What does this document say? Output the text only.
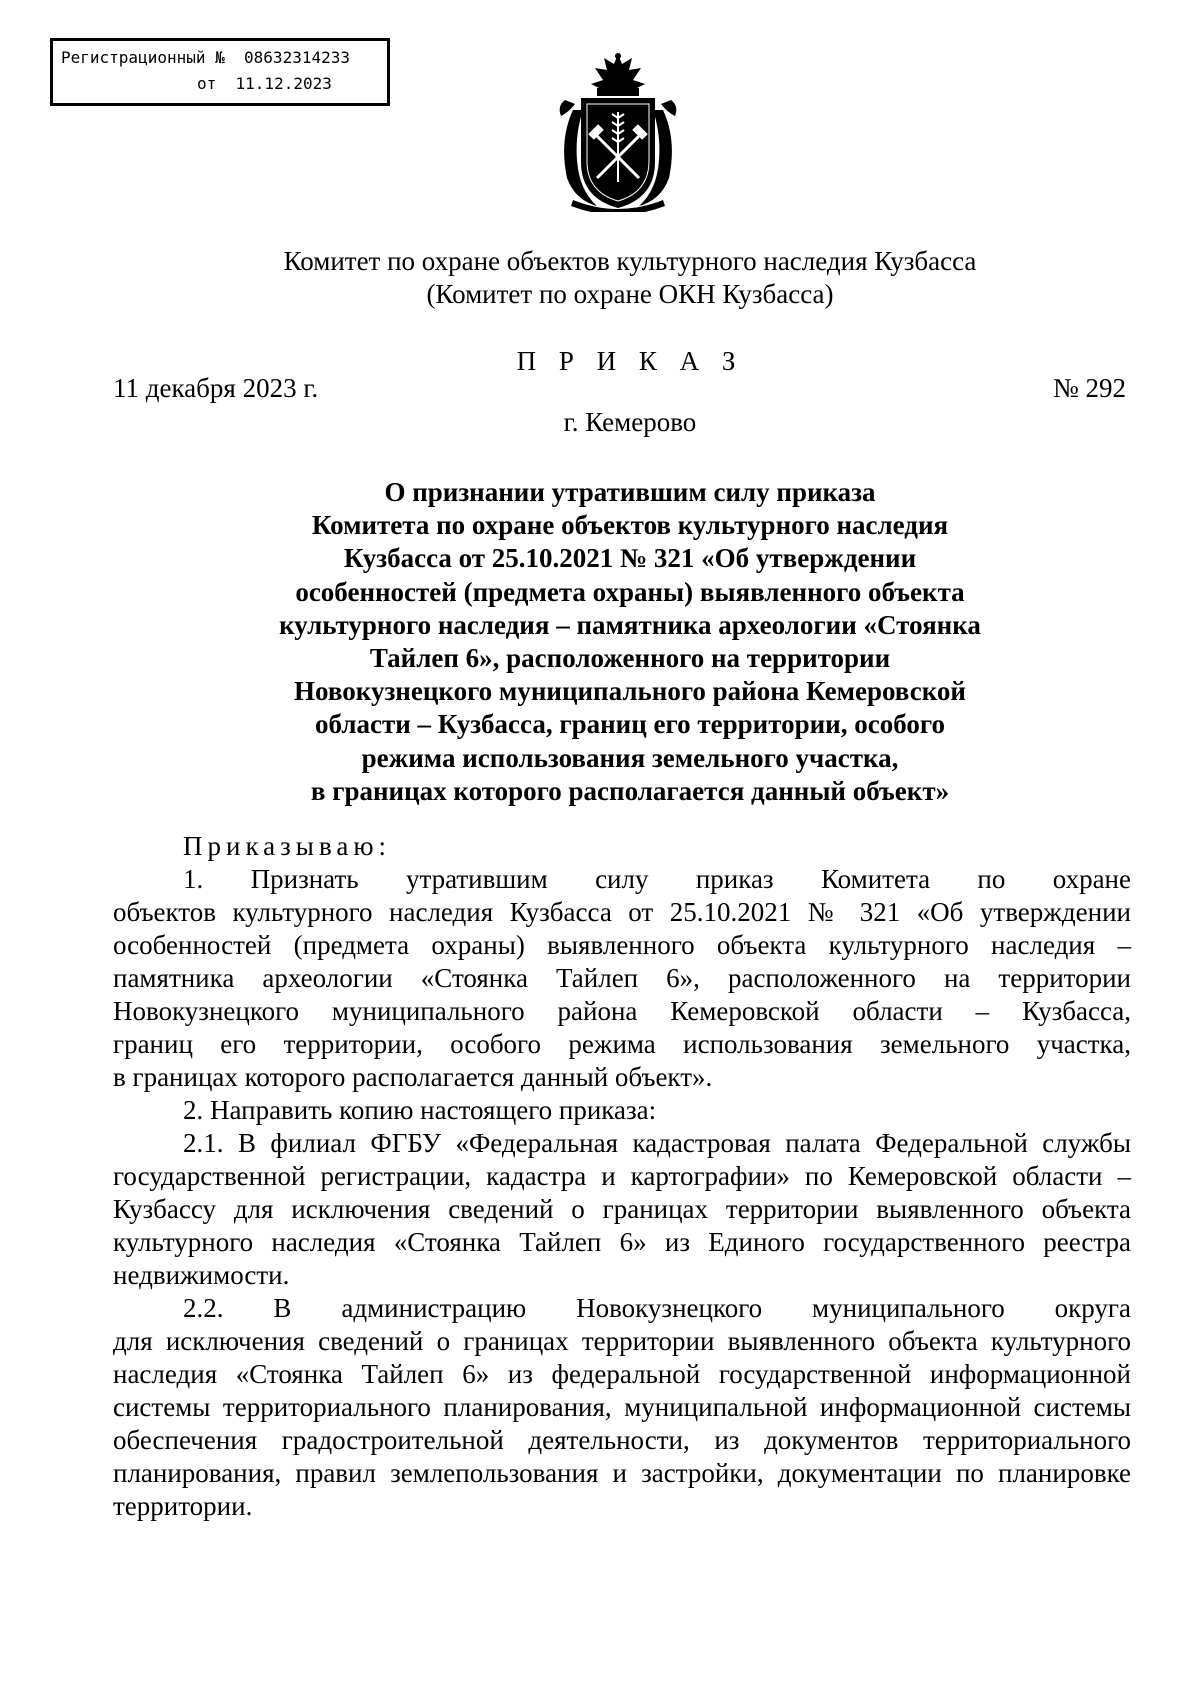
Регистрационный № 08632314233
от 11.12.2023
Комитет по охране объектов культурного наследия Кузбасса
(Комитет по охране ОКН Кузбасса)
П Р И К А З
11 декабря 2023 г.	№ 292
г. Кемерово
О признании утратившим силу приказа
Комитета по охране объектов культурного наследия
Кузбасса от 25.10.2021 № 321 «Об утверждении
особенностей (предмета охраны) выявленного объекта
культурного наследия – памятника археологии «Стоянка
Тайлеп 6», расположенного на территории
Новокузнецкого муниципального района Кемеровской
области – Кузбасса, границ его территории, особого
режима использования земельного участка,
в границах которого располагается данный объект»
Приказываю:
1. Признать утратившим силу приказ Комитета по охране
объектов культурного наследия Кузбасса от 25.10.2021 № 321 «Об утверждении
особенностей (предмета охраны) выявленного объекта культурного наследия –
памятника археологии «Стоянка Тайлеп 6», расположенного на территории
Новокузнецкого муниципального района Кемеровской области – Кузбасса,
границ его территории, особого режима использования земельного участка,
в границах которого располагается данный объект».
2. Направить копию настоящего приказа:
2.1. В филиал ФГБУ «Федеральная кадастровая палата Федеральной службы
государственной регистрации, кадастра и картографии» по Кемеровской области –
Кузбассу для исключения сведений о границах территории выявленного объекта
культурного наследия «Стоянка Тайлеп 6» из Единого государственного реестра
недвижимости.
2.2. В администрацию Новокузнецкого муниципального округа
для исключения сведений о границах территории выявленного объекта культурного
наследия «Стоянка Тайлеп 6» из федеральной государственной информационной
системы территориального планирования, муниципальной информационной системы
обеспечения градостроительной деятельности, из документов территориального
планирования, правил землепользования и застройки, документации по планировке
территории.
